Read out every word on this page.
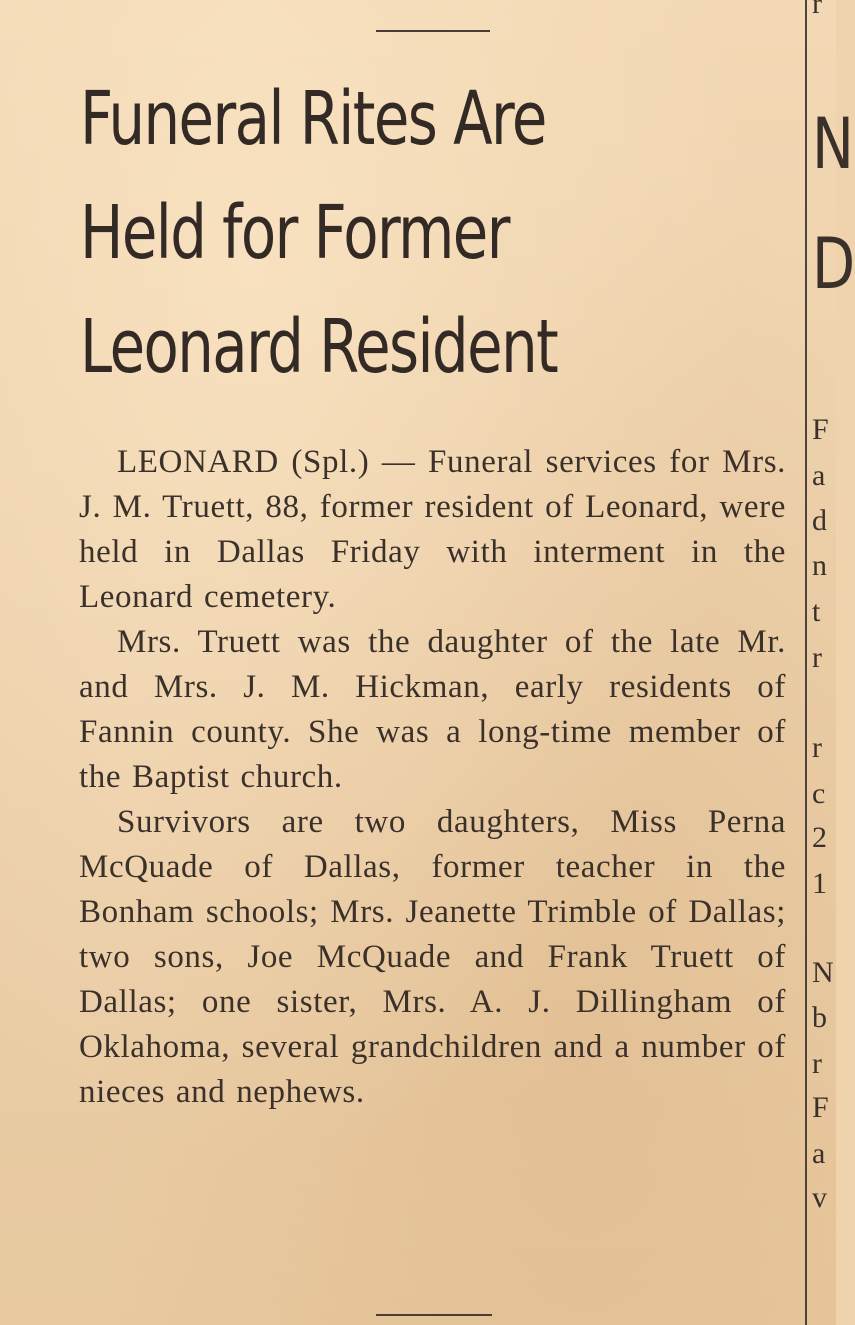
Funeral Rites Are
Held for Former
Leonard Resident

LEONARD (Spl.) — Funeral services for Mrs. J. M. Truett, 88, former resident of Leonard, were held in Dallas Friday with interment in the Leonard cemetery.

Mrs. Truett was the daughter of the late Mr. and Mrs. J. M. Hickman, early residents of Fannin county. She was a long-time member of the Baptist church.

Survivors are two daughters, Miss Perna McQuade of Dallas, former teacher in the Bonham schools; Mrs. Jeanette Trimble of Dallas; two sons, Joe McQuade and Frank Truett of Dallas; one sister, Mrs. A. J. Dillingham of Oklahoma, several grandchildren and a number of nieces and nephews.

r
N
D
F
a
d
n
t
r
r
c
2
1
N
b
r
F
a
v
